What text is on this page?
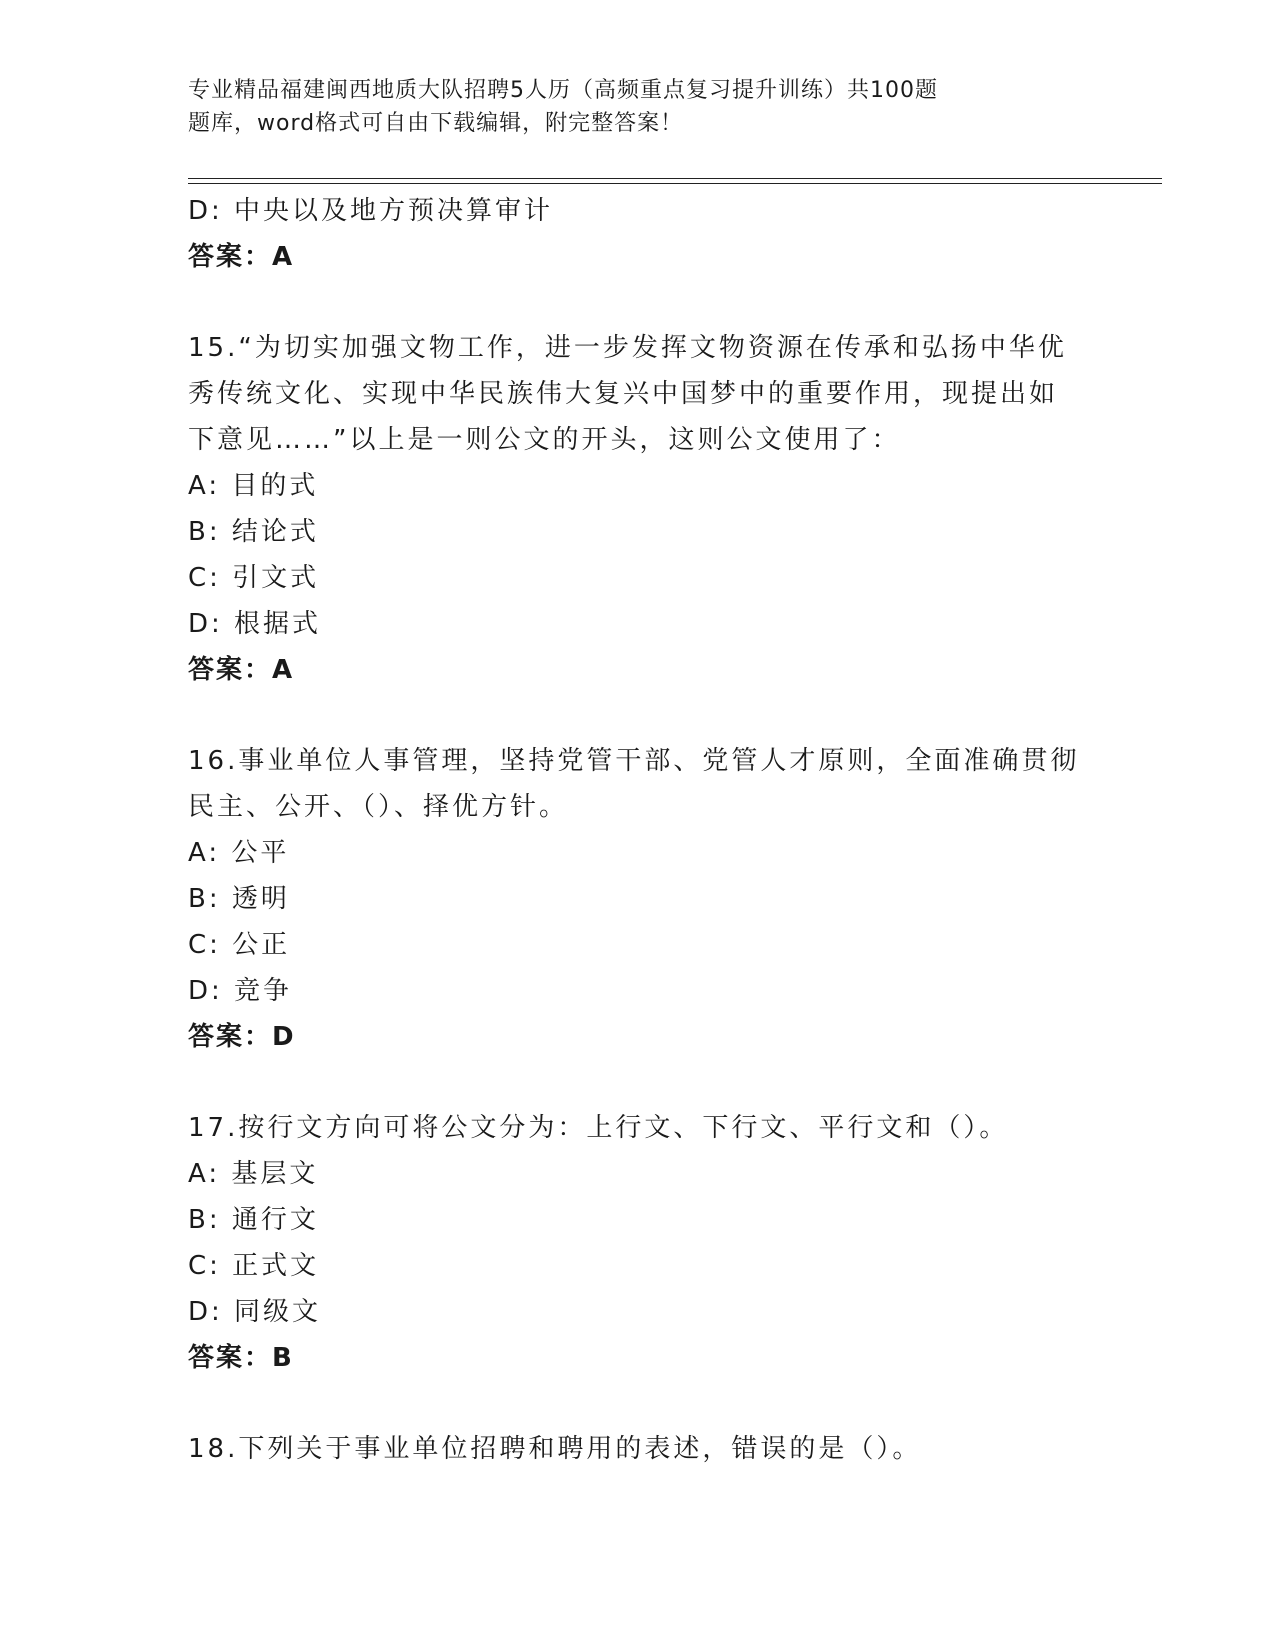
专业精品福建闽西地质大队招聘5人历（高频重点复习提升训练）共100题
题库，word格式可自由下载编辑，附完整答案！
D: 中央以及地方预决算审计
答案：A
15.“为切实加强文物工作，进一步发挥文物资源在传承和弘扬中华优
秀传统文化、实现中华民族伟大复兴中国梦中的重要作用，现提出如
下意见……”以上是一则公文的开头，这则公文使用了：
A: 目的式
B: 结论式
C: 引文式
D: 根据式
答案：A
16.事业单位人事管理，坚持党管干部、党管人才原则，全面准确贯彻
民主、公开、（）、择优方针。
A: 公平
B: 透明
C: 公正
D: 竞争
答案：D
17.按行文方向可将公文分为：上行文、下行文、平行文和（）。
A: 基层文
B: 通行文
C: 正式文
D: 同级文
答案：B
18.下列关于事业单位招聘和聘用的表述，错误的是（）。
